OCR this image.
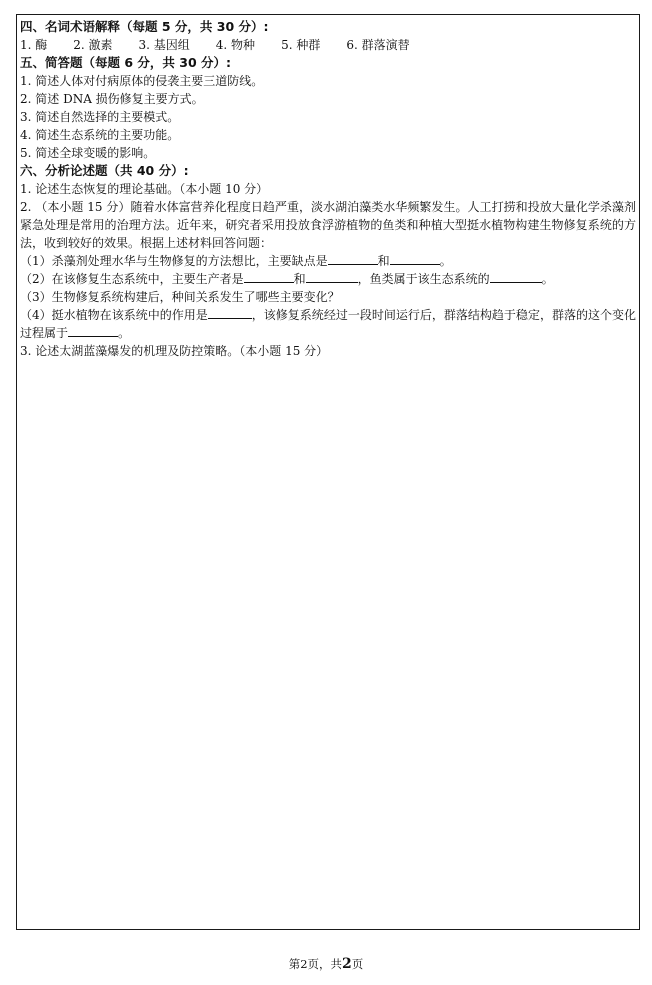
四、名词术语解释（每题 5 分，共 30 分）:

1. 酶 2. 激素 3. 基因组 4. 物种 5. 种群 6. 群落演替

五、简答题（每题 6 分，共 30 分）:

1. 简述人体对付病原体的侵袭主要三道防线。

2. 简述 DNA 损伤修复主要方式。

3. 简述自然选择的主要模式。

4. 简述生态系统的主要功能。

5. 简述全球变暖的影响。

六、分析论述题（共 40 分）:

1. 论述生态恢复的理论基础。（本小题 10 分）

2. （本小题 15 分）随着水体富营养化程度日趋严重，淡水湖泊藻类水华频繁发生。人工打捞和投放大量化学杀藻剂紧急处理是常用的治理方法。近年来，研究者采用投放食浮游植物的鱼类和种植大型挺水植物构建生物修复系统的方法，收到较好的效果。根据上述材料回答问题：

（1）杀藻剂处理水华与生物修复的方法想比，主要缺点是	和	。

（2）在该修复生态系统中，主要生产者是	和	，鱼类属于该生态系统的	。

（3）生物修复系统构建后，种间关系发生了哪些主要变化？

（4）挺水植物在该系统中的作用是	，该修复系统经过一段时间运行后，群落结构趋于稳定，群落的这个变化过程属于	。

3. 论述太湖蓝藻爆发的机理及防控策略。（本小题 15 分）

第2页，共2页
